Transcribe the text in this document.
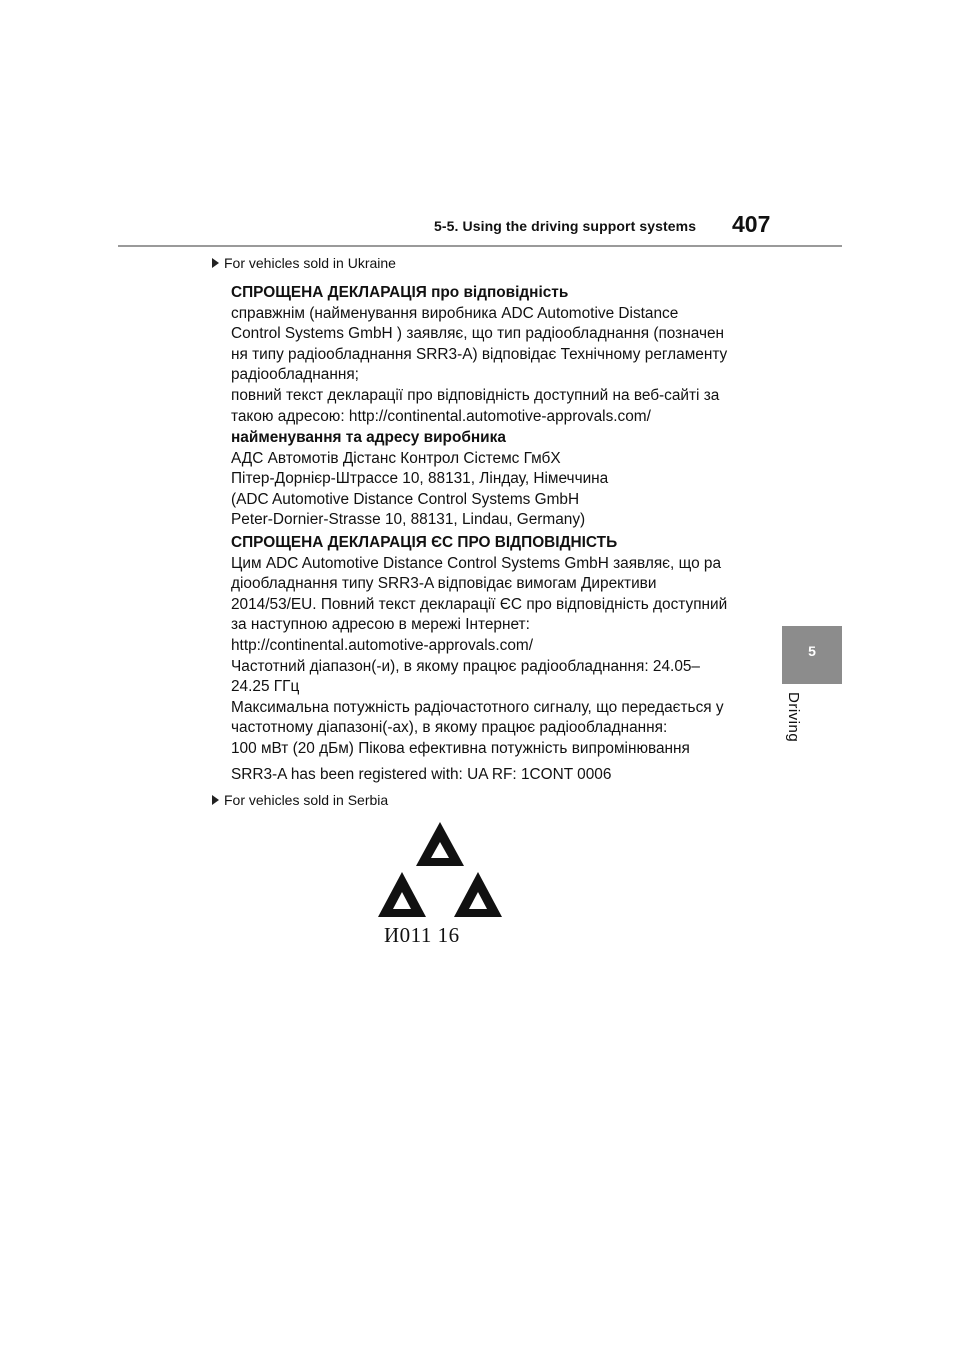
5-5. Using the driving support systems 407
5
Driving
For vehicles sold in Ukraine
СПРОЩЕНА ДЕКЛАРАЦІЯ про відповідність
справжнім (найменування виробника ADC Automotive Distance
Control Systems GmbH ) заявляє, що тип радіообладнання (позначен
ня типу радіообладнання SRR3-A) відповідає Технічному регламенту
радіообладнання;
повний текст декларації про відповідність доступний на веб-сайті за
такою адресою: http://continental.automotive-approvals.com/
найменування та адресу виробника
АДС Автомотів Дістанс Контрол Сістемс ГмбХ
Пітер-Дорнієр-Штрассе 10, 88131, Ліндау, Німеччина
(ADC Automotive Distance Control Systems GmbH
Peter-Dornier-Strasse 10, 88131, Lindau, Germany)
СПРОЩЕНА ДЕКЛАРАЦІЯ ЄС ПРО ВІДПОВІДНІСТЬ
Цим ADC Automotive Distance Control Systems GmbH заявляє, що ра
діообладнання типу SRR3-A відповідає вимогам Директиви
2014/53/EU. Повний текст декларації ЄС про відповідність доступний
за наступною адресою в мережі Інтернет:
http://continental.automotive-approvals.com/
Частотний діапазон(-и), в якому працює радіообладнання: 24.05–
24.25 ГГц
Максимальна потужність радіочастотного сигналу, що передається у
частотному діапазоні(-ах), в якому працює радіообладнання:
100 мВт (20 дБм) Пікова ефективна потужність випромінювання
SRR3-A has been registered with: UA RF: 1CONT 0006
For vehicles sold in Serbia
И011 16
